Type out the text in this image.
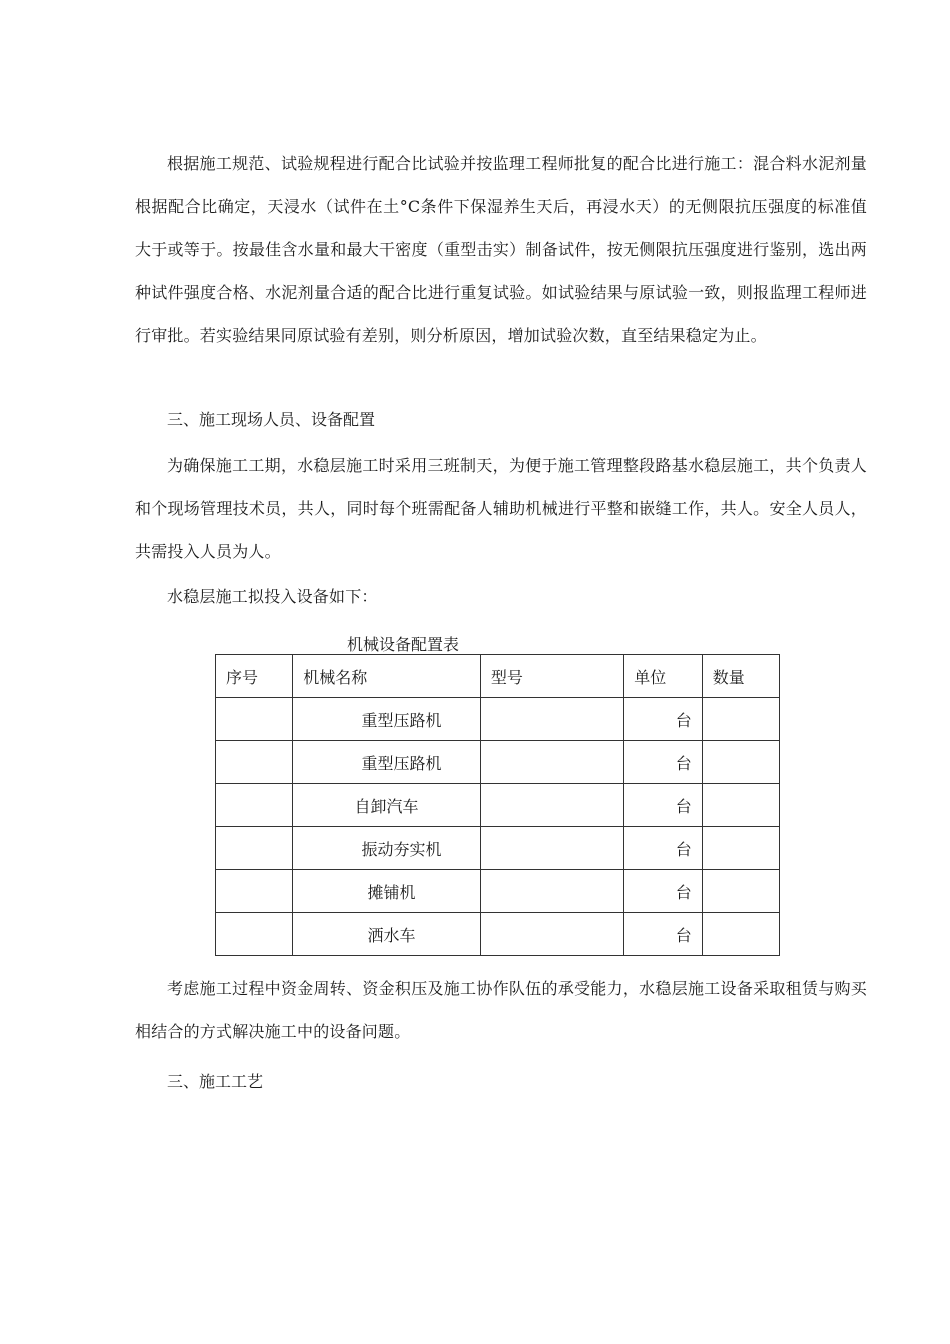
根据施工规范、试验规程进行配合比试验并按监理工程师批复的配合比进行施工：混合料水泥剂量根据配合比确定，天浸水（试件在土°C条件下保湿养生天后，再浸水天）的无侧限抗压强度的标准值大于或等于。按最佳含水量和最大干密度（重型击实）制备试件，按无侧限抗压强度进行鉴别，选出两种试件强度合格、水泥剂量合适的配合比进行重复试验。如试验结果与原试验一致，则报监理工程师进行审批。若实验结果同原试验有差别，则分析原因，增加试验次数，直至结果稳定为止。

三、施工现场人员、设备配置

为确保施工工期，水稳层施工时采用三班制天，为便于施工管理整段路基水稳层施工，共个负责人和个现场管理技术员，共人，同时每个班需配备人辅助机械进行平整和嵌缝工作，共人。安全人员人，共需投入人员为人。

水稳层施工拟投入设备如下：

机械设备配置表
序号	机械名称	型号	单位	数量
	重型压路机		台	
	重型压路机		台	
	自卸汽车		台	
	振动夯实机		台	
	摊铺机		台	
	洒水车		台	

考虑施工过程中资金周转、资金积压及施工协作队伍的承受能力，水稳层施工设备采取租赁与购买相结合的方式解决施工中的设备问题。

三、施工工艺
